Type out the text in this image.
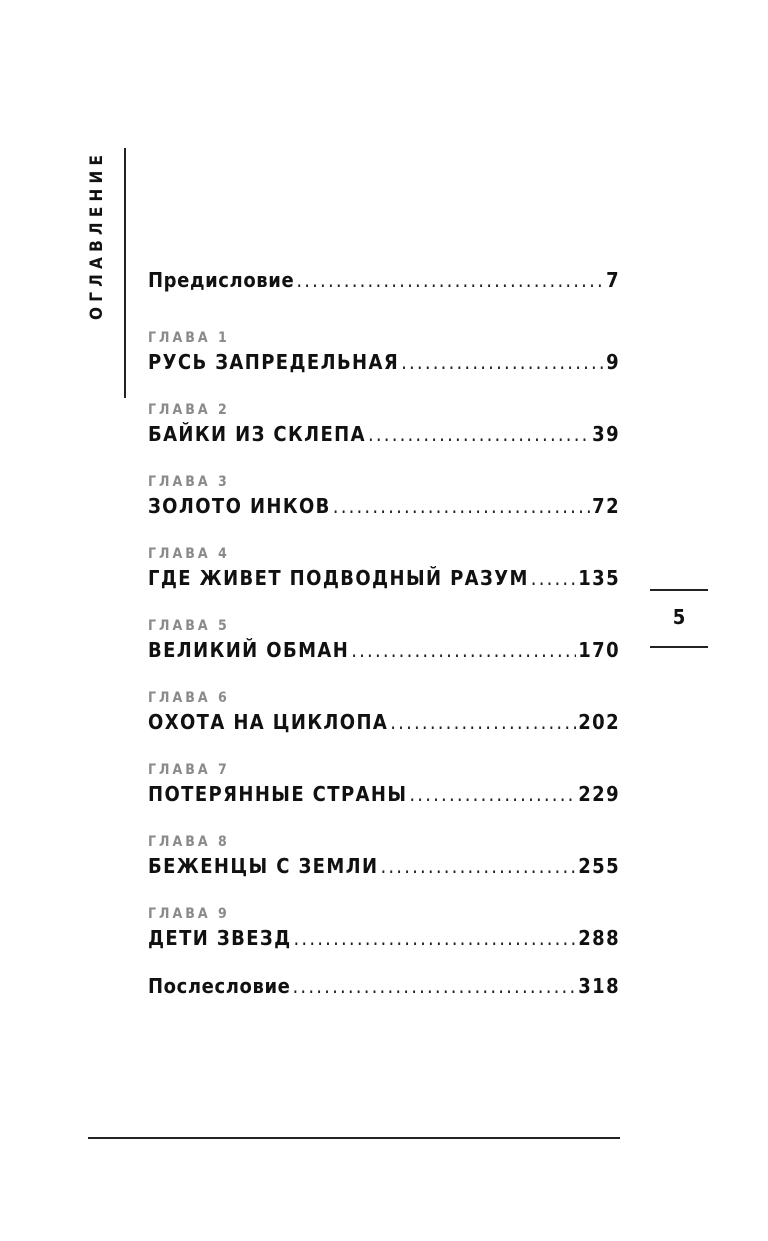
ОГЛАВЛЕНИЕ Предисловие .....	7
ГЛАВА 1
РУСЬ ЗАПРЕДЕЛЬНАЯ .....	9
ГЛАВА 2
БАЙКИ ИЗ СКЛЕПА .....	39
ГЛАВА 3
ЗОЛОТО ИНКОВ .....	72
ГЛАВА 4
ГДЕ ЖИВЕТ ПОДВОДНЫЙ РАЗУМ ..... 135
ГЛАВА 5
ВЕЛИКИЙ ОБМАН .....	170
ГЛАВА 6
ОХОТА НА ЦИКЛОПА .....	202
ГЛАВА 7
ПОТЕРЯННЫЕ СТРАНЫ .....	229
ГЛАВА 8
БЕЖЕНЦЫ С ЗЕМЛИ .....	255
ГЛАВА 9
ДЕТИ ЗВЕЗД .....	288
Послесловие .....	318
5
